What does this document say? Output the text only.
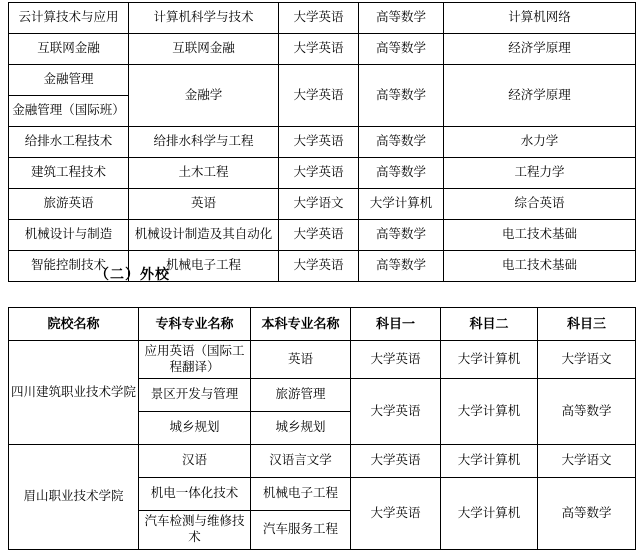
云计算技术与应用	计算机科学与技术	大学英语	高等数学	计算机网络
互联网金融	互联网金融	大学英语	高等数学	经济学原理
金融管理	金融学	大学英语	高等数学	经济学原理
金融管理（国际班）				
给排水工程技术	给排水科学与工程	大学英语	高等数学	水力学
建筑工程技术	土木工程	大学英语	高等数学	工程力学
旅游英语	英语	大学语文	大学计算机	综合英语
机械设计与制造	机械设计制造及其自动化	大学英语	高等数学	电工技术基础
智能控制技术	机械电子工程	大学英语	高等数学	电工技术基础
（二）外校
院校名称	专科专业名称	本科专业名称	科目一	科目二	科目三
四川建筑职业技术学院	应用英语（国际工程翻译）	英语	大学英语	大学计算机	大学语文
	景区开发与管理	旅游管理	大学英语	大学计算机	高等数学
	城乡规划	城乡规划			
眉山职业技术学院	汉语	汉语言文学	大学英语	大学计算机	大学语文
	机电一体化技术	机械电子工程	大学英语	大学计算机	高等数学
	汽车检测与维修技术	汽车服务工程			
